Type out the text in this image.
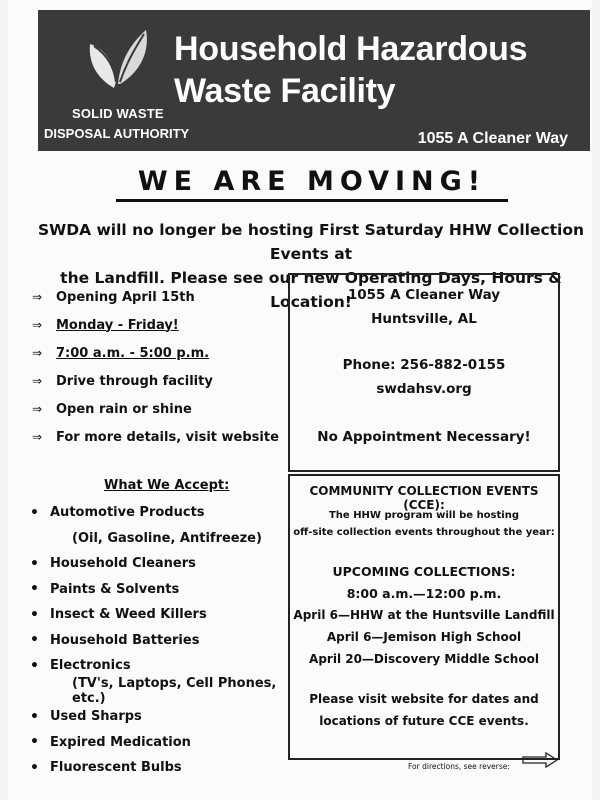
SOLID WASTE
DISPOSAL AUTHORITY
Household Hazardous
Waste Facility
1055 A Cleaner Way
WE ARE MOVING!
SWDA will no longer be hosting First Saturday HHW Collection Events at
the Landfill. Please see our new Operating Days, Hours & Location!
⇒	Opening April 15th
⇒	Monday - Friday!
⇒	7:00 a.m. - 5:00 p.m.
⇒	Drive through facility
⇒	Open rain or shine
⇒	For more details, visit website
What We Accept:
• Automotive Products
(Oil, Gasoline, Antifreeze)
• Household Cleaners
• Paints & Solvents
• Insect & Weed Killers
• Household Batteries
• Electronics
(TV's, Laptops, Cell Phones, etc.)
• Used Sharps
• Expired Medication
• Fluorescent Bulbs
1055 A Cleaner Way
Huntsville, AL
Phone: 256-882-0155
swdahsv.org
No Appointment Necessary!
COMMUNITY COLLECTION EVENTS (CCE):
The HHW program will be hosting
off-site collection events throughout the year:
UPCOMING COLLECTIONS:
8:00 a.m.—12:00 p.m.
April 6—HHW at the Huntsville Landfill
April 6—Jemison High School
April 20—Discovery Middle School
Please visit website for dates and
locations of future CCE events.
For directions, see reverse:
